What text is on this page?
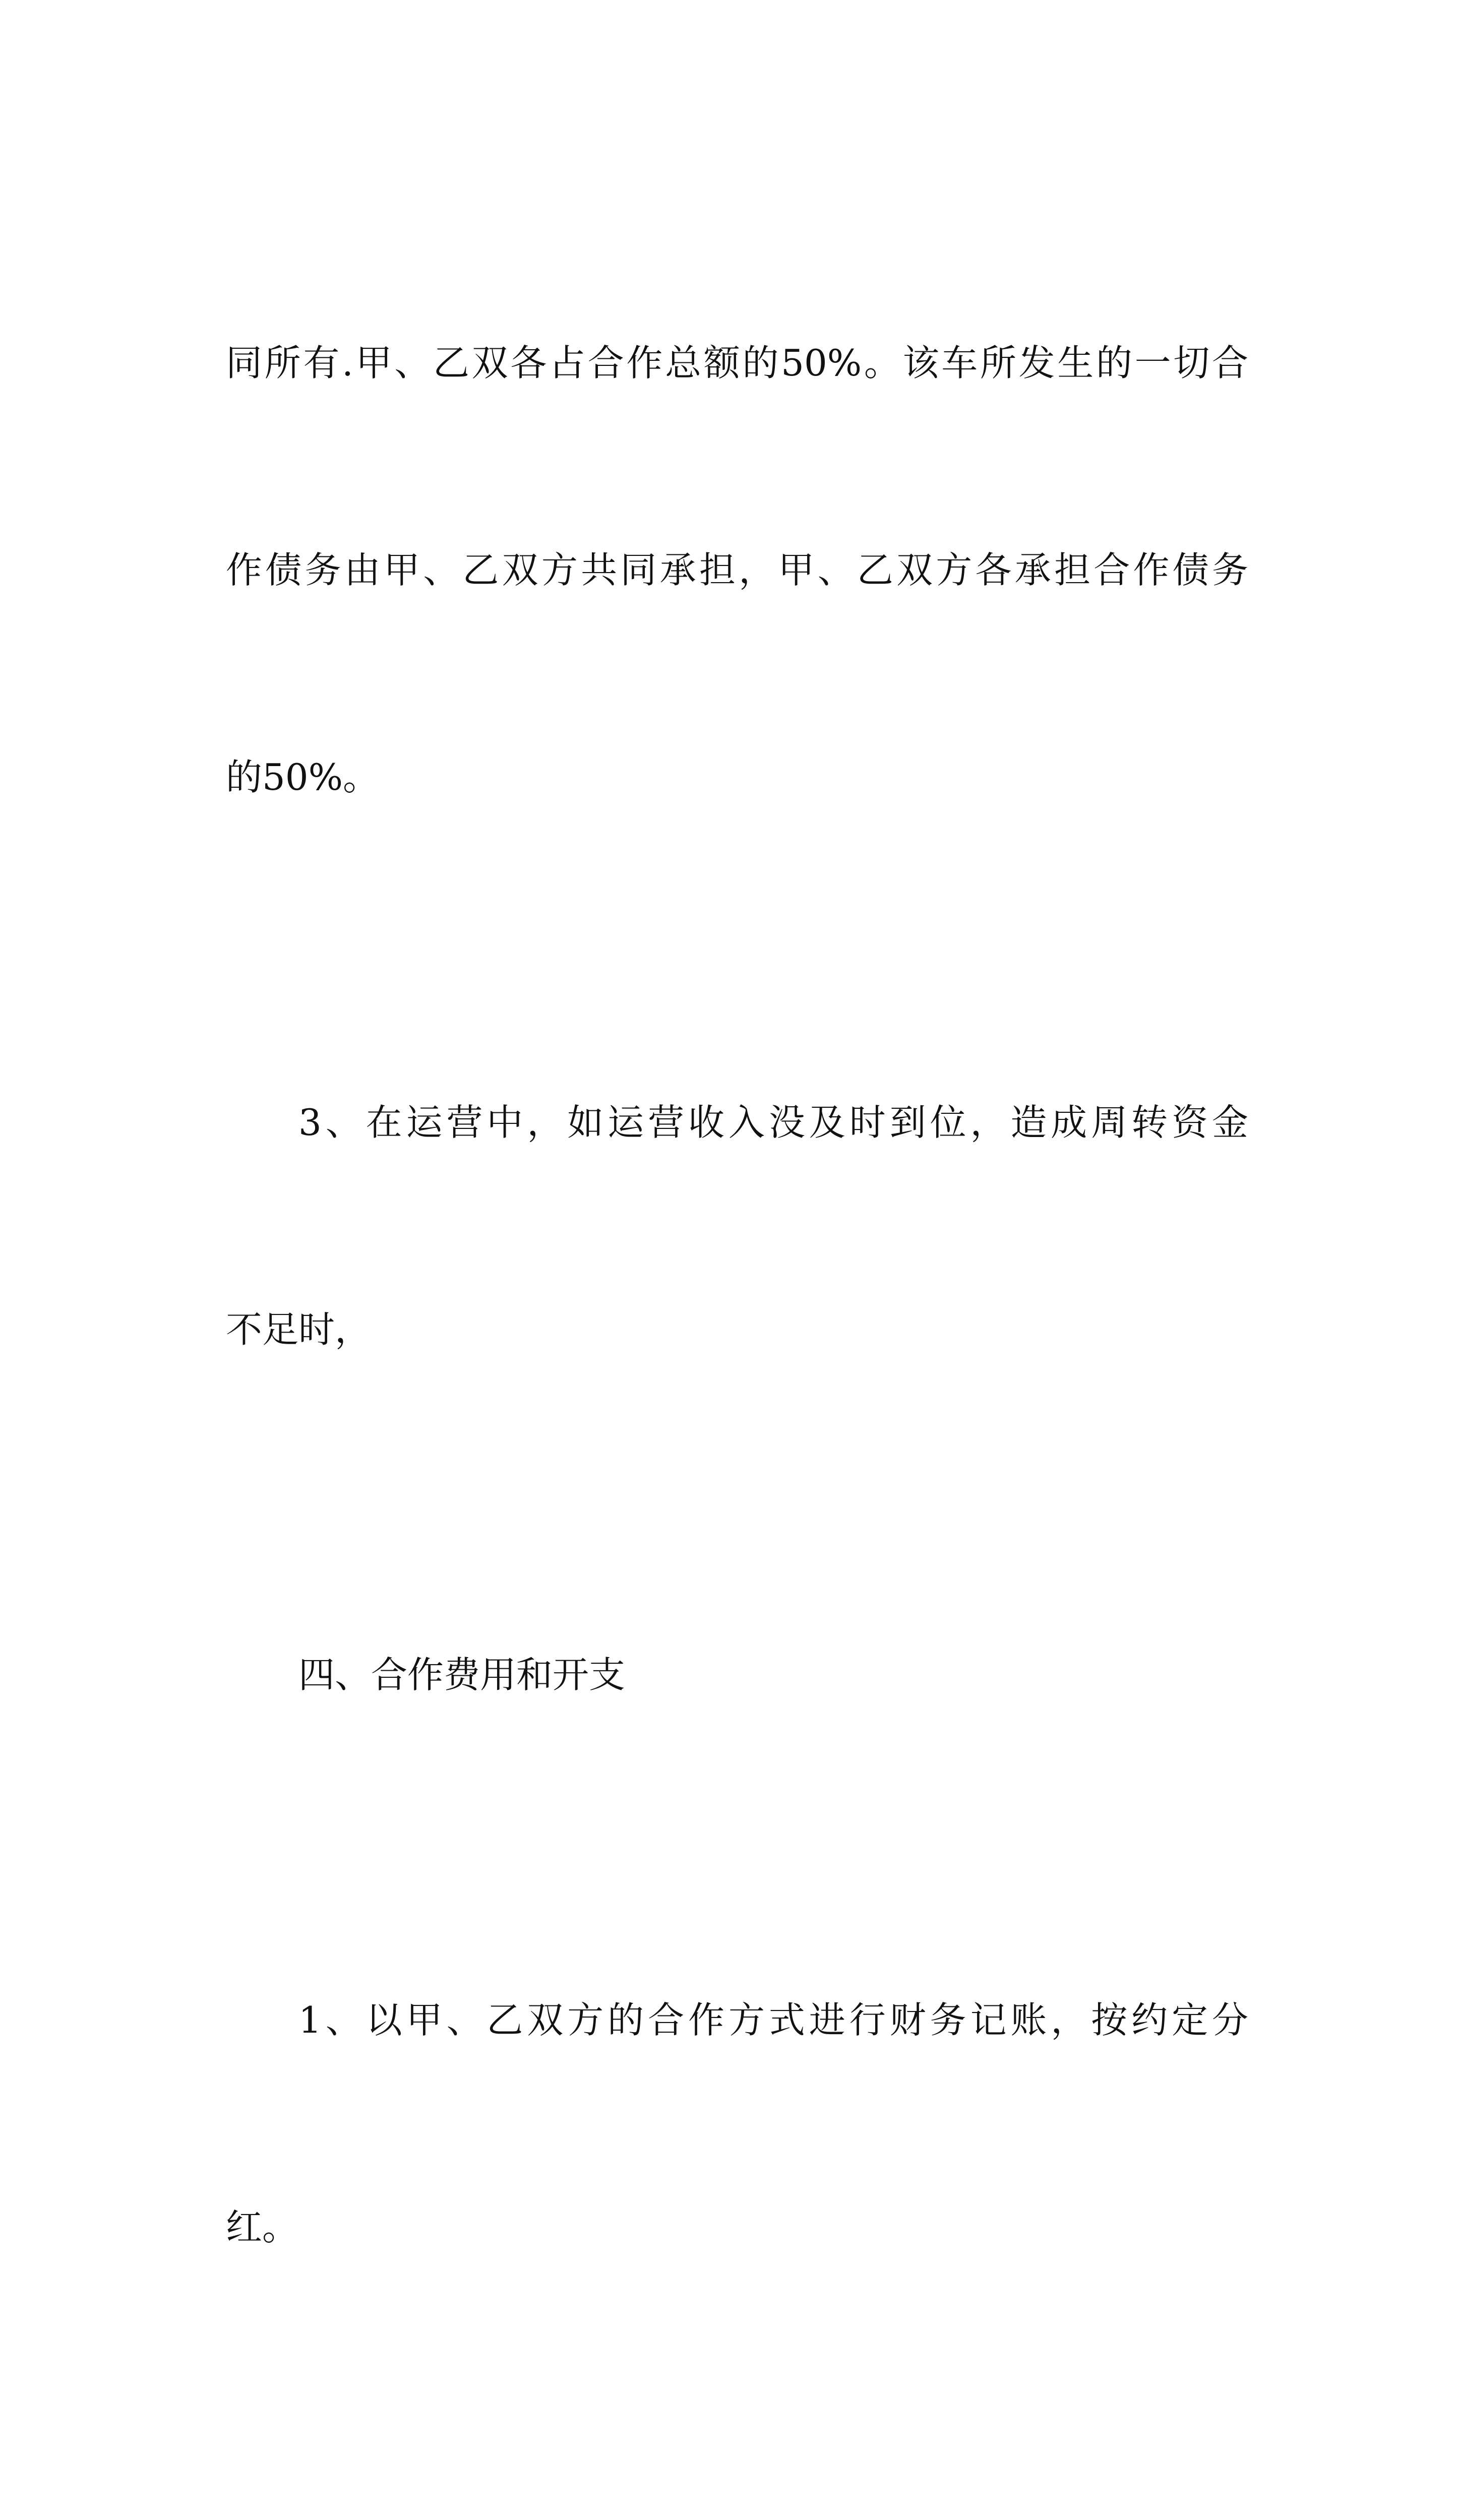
同所有.甲、乙双各占合作总额的50%。该车所发生的一切合

作债务由甲、乙双方共同承担，甲、乙双方各承担合作债务

的50%。

3、在运营中，如运营收入没及时到位，造成周转资金

不足时，

四、合作费用和开支

1、以甲、乙双方的合作方式进行财务记账，按约定分

红。
